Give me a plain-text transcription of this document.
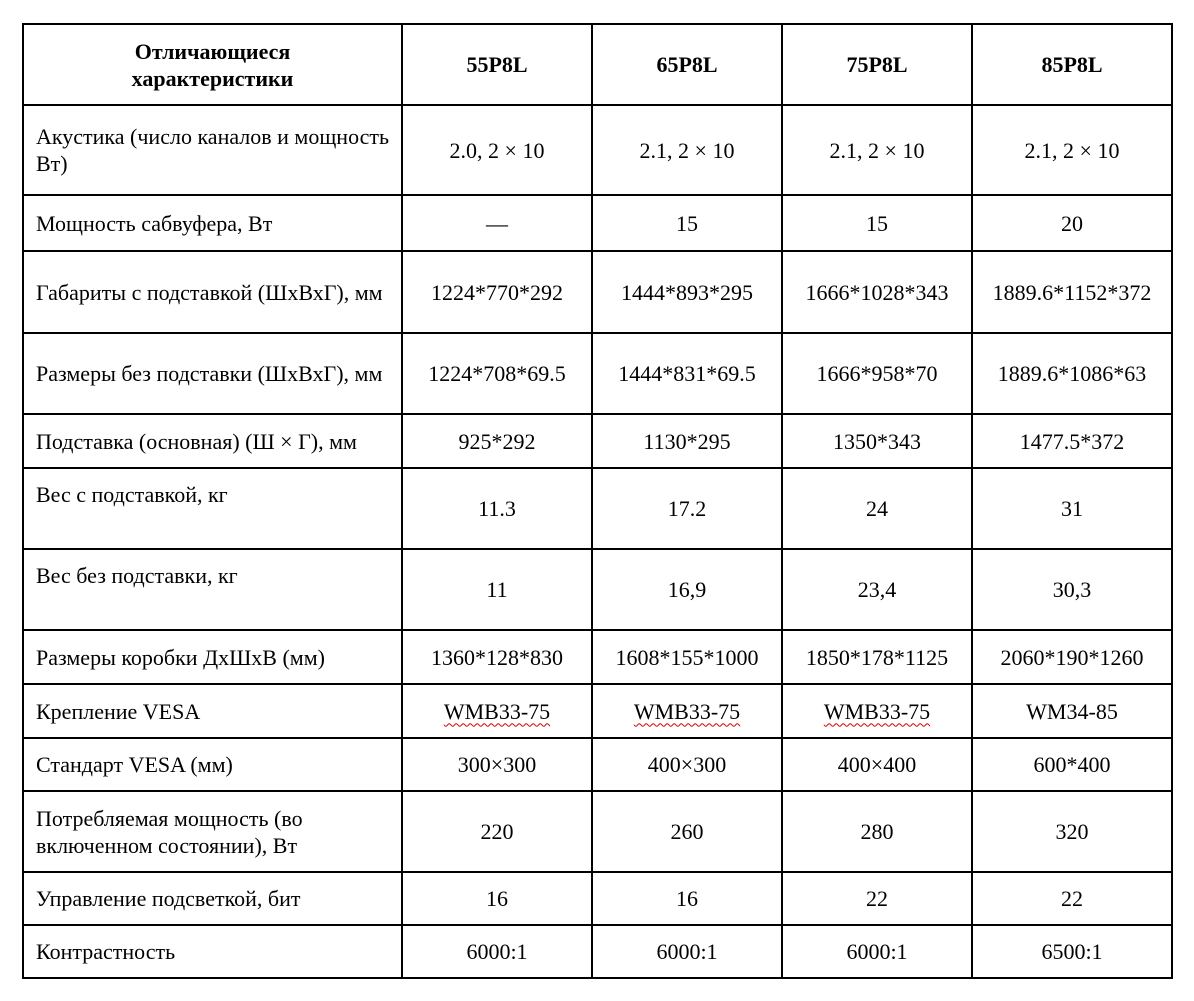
Отличающиеся характеристики	55P8L	65P8L	75P8L	85P8L
Акустика (число каналов и мощность Вт)	2.0, 2 × 10	2.1, 2 × 10	2.1, 2 × 10	2.1, 2 × 10
Мощность сабвуфера, Вт	—	15	15	20
Габариты с подставкой (ШхВхГ), мм	1224*770*292	1444*893*295	1666*1028*343	1889.6*1152*372
Размеры без подставки (ШхВхГ), мм	1224*708*69.5	1444*831*69.5	1666*958*70	1889.6*1086*63
Подставка (основная) (Ш × Г), мм	925*292	1130*295	1350*343	1477.5*372
Вес с подставкой, кг	11.3	17.2	24	31
Вес без подставки, кг	11	16,9	23,4	30,3
Размеры коробки ДхШхВ (мм)	1360*128*830	1608*155*1000	1850*178*1125	2060*190*1260
Крепление VESA	WMB33-75	WMB33-75	WMB33-75	WM34-85
Стандарт VESA (мм)	300×300	400×300	400×400	600*400
Потребляемая мощность (во включенном состоянии), Вт	220	260	280	320
Управление подсветкой, бит	16	16	22	22
Контрастность	6000:1	6000:1	6000:1	6500:1
